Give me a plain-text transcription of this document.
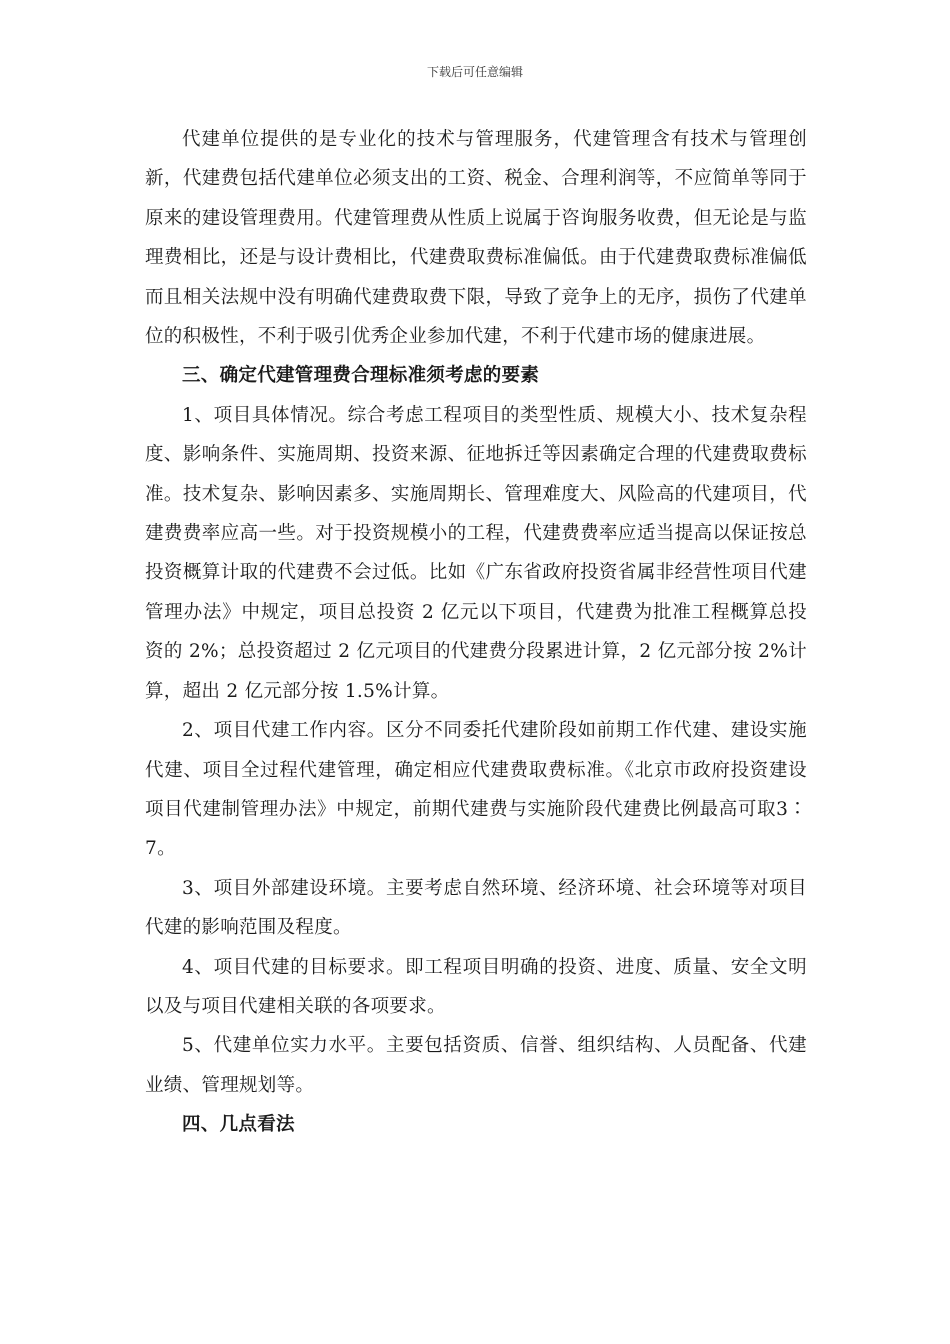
下载后可任意编辑

代建单位提供的是专业化的技术与管理服务，代建管理含有技术与管理创新，代建费包括代建单位必须支出的工资、税金、合理利润等，不应简单等同于原来的建设管理费用。代建管理费从性质上说属于咨询服务收费，但无论是与监理费相比，还是与设计费相比，代建费取费标准偏低。由于代建费取费标准偏低而且相关法规中没有明确代建费取费下限，导致了竞争上的无序，损伤了代建单位的积极性，不利于吸引优秀企业参加代建，不利于代建市场的健康进展。

三、确定代建管理费合理标准须考虑的要素

1、项目具体情况。综合考虑工程项目的类型性质、规模大小、技术复杂程度、影响条件、实施周期、投资来源、征地拆迁等因素确定合理的代建费取费标准。技术复杂、影响因素多、实施周期长、管理难度大、风险高的代建项目，代建费费率应高一些。对于投资规模小的工程，代建费费率应适当提高以保证按总投资概算计取的代建费不会过低。比如《广东省政府投资省属非经营性项目代建管理办法》中规定，项目总投资 2 亿元以下项目，代建费为批准工程概算总投资的 2%；总投资超过 2 亿元项目的代建费分段累进计算，2 亿元部分按 2%计算，超出 2 亿元部分按 1.5%计算。

2、项目代建工作内容。区分不同委托代建阶段如前期工作代建、建设实施代建、项目全过程代建管理，确定相应代建费取费标准。《北京市政府投资建设项目代建制管理办法》中规定，前期代建费与实施阶段代建费比例最高可取3∶7。

3、项目外部建设环境。主要考虑自然环境、经济环境、社会环境等对项目代建的影响范围及程度。

4、项目代建的目标要求。即工程项目明确的投资、进度、质量、安全文明以及与项目代建相关联的各项要求。

5、代建单位实力水平。主要包括资质、信誉、组织结构、人员配备、代建业绩、管理规划等。

四、几点看法
